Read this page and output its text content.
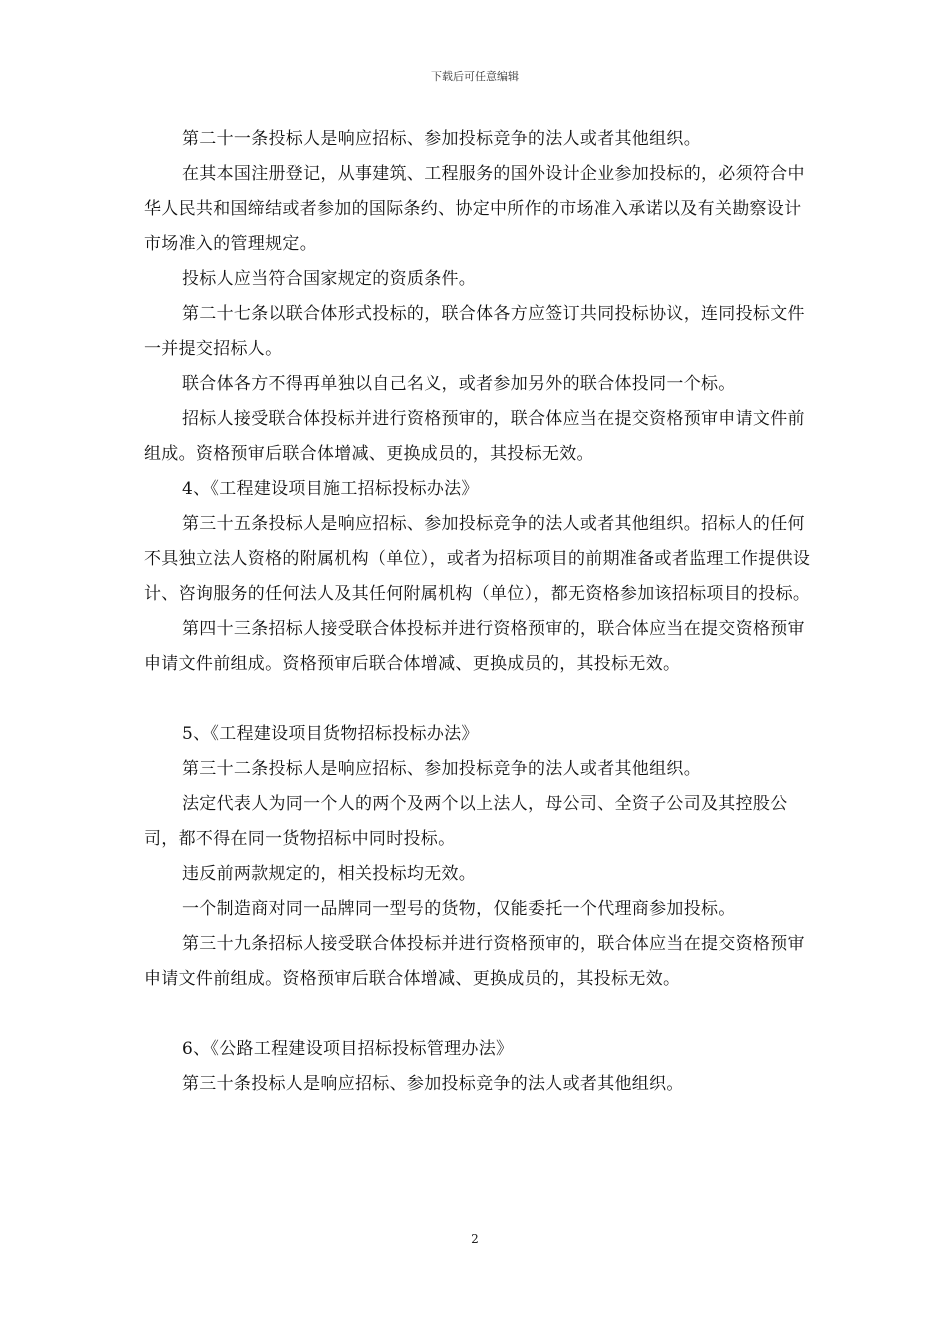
下载后可任意编辑

第二十一条投标人是响应招标、参加投标竞争的法人或者其他组织。

在其本国注册登记，从事建筑、工程服务的国外设计企业参加投标的，必须符合中华人民共和国缔结或者参加的国际条约、协定中所作的市场准入承诺以及有关勘察设计市场准入的管理规定。

投标人应当符合国家规定的资质条件。

第二十七条以联合体形式投标的，联合体各方应签订共同投标协议，连同投标文件一并提交招标人。

联合体各方不得再单独以自己名义，或者参加另外的联合体投同一个标。

招标人接受联合体投标并进行资格预审的，联合体应当在提交资格预审申请文件前组成。资格预审后联合体增减、更换成员的，其投标无效。

4、《工程建设项目施工招标投标办法》

第三十五条投标人是响应招标、参加投标竞争的法人或者其他组织。招标人的任何不具独立法人资格的附属机构（单位），或者为招标项目的前期准备或者监理工作提供设计、咨询服务的任何法人及其任何附属机构（单位），都无资格参加该招标项目的投标。

第四十三条招标人接受联合体投标并进行资格预审的，联合体应当在提交资格预审申请文件前组成。资格预审后联合体增减、更换成员的，其投标无效。

5、《工程建设项目货物招标投标办法》

第三十二条投标人是响应招标、参加投标竞争的法人或者其他组织。

法定代表人为同一个人的两个及两个以上法人，母公司、全资子公司及其控股公司，都不得在同一货物招标中同时投标。

违反前两款规定的，相关投标均无效。

一个制造商对同一品牌同一型号的货物，仅能委托一个代理商参加投标。

第三十九条招标人接受联合体投标并进行资格预审的，联合体应当在提交资格预审申请文件前组成。资格预审后联合体增减、更换成员的，其投标无效。

6、《公路工程建设项目招标投标管理办法》

第三十条投标人是响应招标、参加投标竞争的法人或者其他组织。

2
